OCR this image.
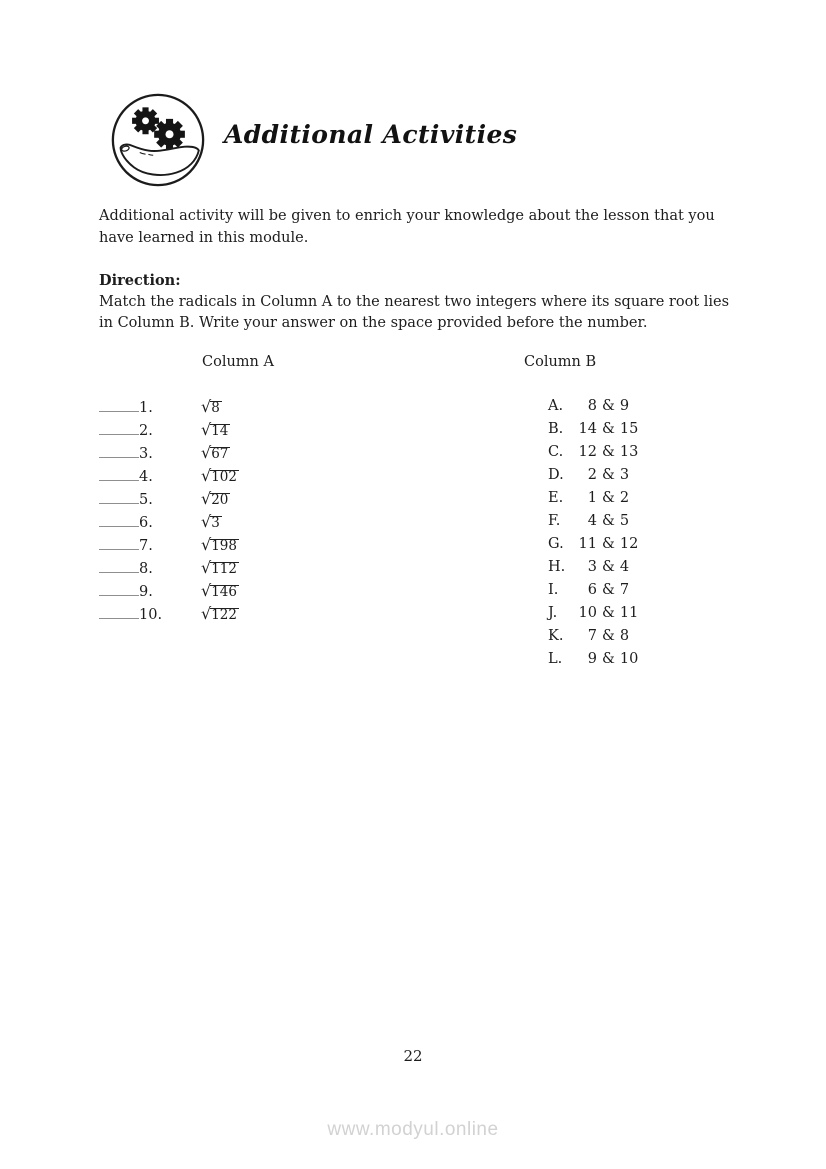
Additional Activities

Additional activity will be given to enrich your knowledge about the lesson that you have learned in this module.

Direction:
Match the radicals in Column A to the nearest two integers where its square root lies in Column B. Write your answer on the space provided before the number.
Column A	Column B
1.	√8
2.	√14
3.	√67
4.	√102
5.	√20
6.	√3
7.	√198
8.	√112
9.	√146
10. √122
A. 8 & 9
B. 14 & 15
C. 12 & 13
D. 2 & 3
E. 1 & 2
F. 4 & 5
G. 11 & 12
H. 3 & 4
I. 6 & 7
J. 10 & 11
K. 7 & 8
L. 9 & 10
22
www.modyul.online
